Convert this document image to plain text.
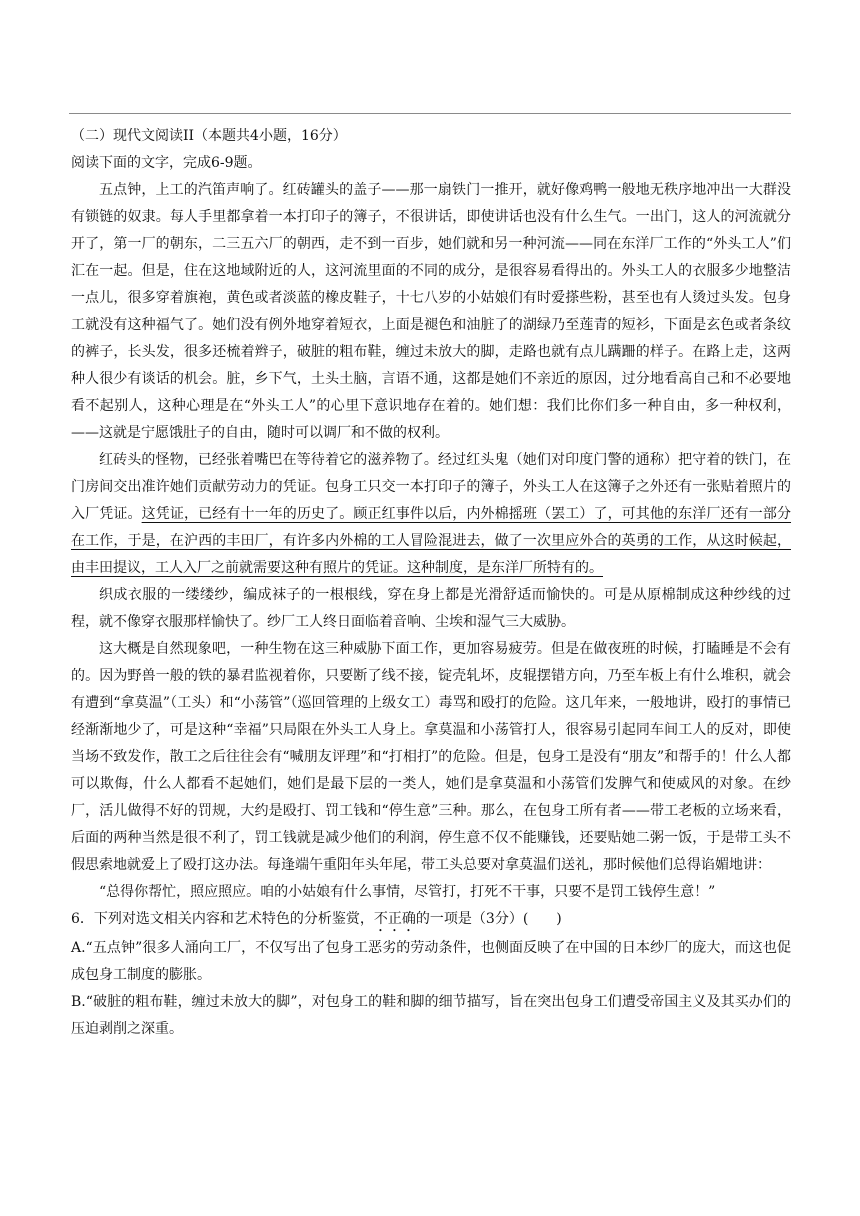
（二）现代文阅读II（本题共4小题，16分）

阅读下面的文字，完成6-9题。

五点钟，上工的汽笛声响了。红砖罐头的盖子——那一扇铁门一推开，就好像鸡鸭一般地无秩序地冲出一大群没有锁链的奴隶。每人手里都拿着一本打印子的簿子，不很讲话，即使讲话也没有什么生气。一出门，这人的河流就分开了，第一厂的朝东，二三五六厂的朝西，走不到一百步，她们就和另一种河流——同在东洋厂工作的“外头工人”们汇在一起。但是，住在这地域附近的人，这河流里面的不同的成分，是很容易看得出的。外头工人的衣服多少地整洁一点儿，很多穿着旗袍，黄色或者淡蓝的橡皮鞋子，十七八岁的小姑娘们有时爱搽些粉，甚至也有人烫过头发。包身工就没有这种福气了。她们没有例外地穿着短衣，上面是褪色和油脏了的湖绿乃至莲青的短衫，下面是玄色或者条纹的裤子，长头发，很多还梳着辫子，破脏的粗布鞋，缠过未放大的脚，走路也就有点儿蹒跚的样子。在路上走，这两种人很少有谈话的机会。脏，乡下气，土头土脑，言语不通，这都是她们不亲近的原因，过分地看高自己和不必要地看不起别人，这种心理是在“外头工人”的心里下意识地存在着的。她们想：我们比你们多一种自由，多一种权利，——这就是宁愿饿肚子的自由，随时可以调厂和不做的权利。

红砖头的怪物，已经张着嘴巴在等待着它的滋养物了。经过红头鬼（她们对印度门警的通称）把守着的铁门，在门房间交出准许她们贡献劳动力的凭证。包身工只交一本打印子的簿子，外头工人在这簿子之外还有一张贴着照片的入厂凭证。这凭证，已经有十一年的历史了。顾正红事件以后，内外棉摇班（罢工）了，可其他的东洋厂还有一部分在工作，于是，在沪西的丰田厂，有许多内外棉的工人冒险混进去，做了一次里应外合的英勇的工作，从这时候起，由丰田提议，工人入厂之前就需要这种有照片的凭证。这种制度，是东洋厂所特有的。

织成衣服的一缕缕纱，编成袜子的一根根线，穿在身上都是光滑舒适而愉快的。可是从原棉制成这种纱线的过程，就不像穿衣服那样愉快了。纱厂工人终日面临着音响、尘埃和湿气三大威胁。

这大概是自然现象吧，一种生物在这三种威胁下面工作，更加容易疲劳。但是在做夜班的时候，打瞌睡是不会有的。因为野兽一般的铁的暴君监视着你，只要断了线不接，锭壳轧坏，皮辊摆错方向，乃至车板上有什么堆积，就会有遭到“拿莫温”（工头）和“小荡管”（巡回管理的上级女工）毒骂和殴打的危险。这几年来，一般地讲，殴打的事情已经渐渐地少了，可是这种“幸福”只局限在外头工人身上。拿莫温和小荡管打人，很容易引起同车间工人的反对，即使当场不致发作，散工之后往往会有“喊朋友评理”和“打相打”的危险。但是，包身工是没有“朋友”和帮手的！什么人都可以欺侮，什么人都看不起她们，她们是最下层的一类人，她们是拿莫温和小荡管们发脾气和使威风的对象。在纱厂，活儿做得不好的罚规，大约是殴打、罚工钱和“停生意”三种。那么，在包身工所有者——带工老板的立场来看，后面的两种当然是很不利了，罚工钱就是减少他们的利润，停生意不仅不能赚钱，还要贴她二粥一饭，于是带工头不假思索地就爱上了殴打这办法。每逢端午重阳年头年尾，带工头总要对拿莫温们送礼，那时候他们总得谄媚地讲：

“总得你帮忙，照应照应。咱的小姑娘有什么事情，尽管打，打死不干事，只要不是罚工钱停生意！”

6．下列对选文相关内容和艺术特色的分析鉴赏，不正确的一项是（3分）(　　)

A.“五点钟”很多人涌向工厂，不仅写出了包身工恶劣的劳动条件，也侧面反映了在中国的日本纱厂的庞大，而这也促成包身工制度的膨胀。

B.“破脏的粗布鞋，缠过未放大的脚”，对包身工的鞋和脚的细节描写，旨在突出包身工们遭受帝国主义及其买办们的压迫剥削之深重。
